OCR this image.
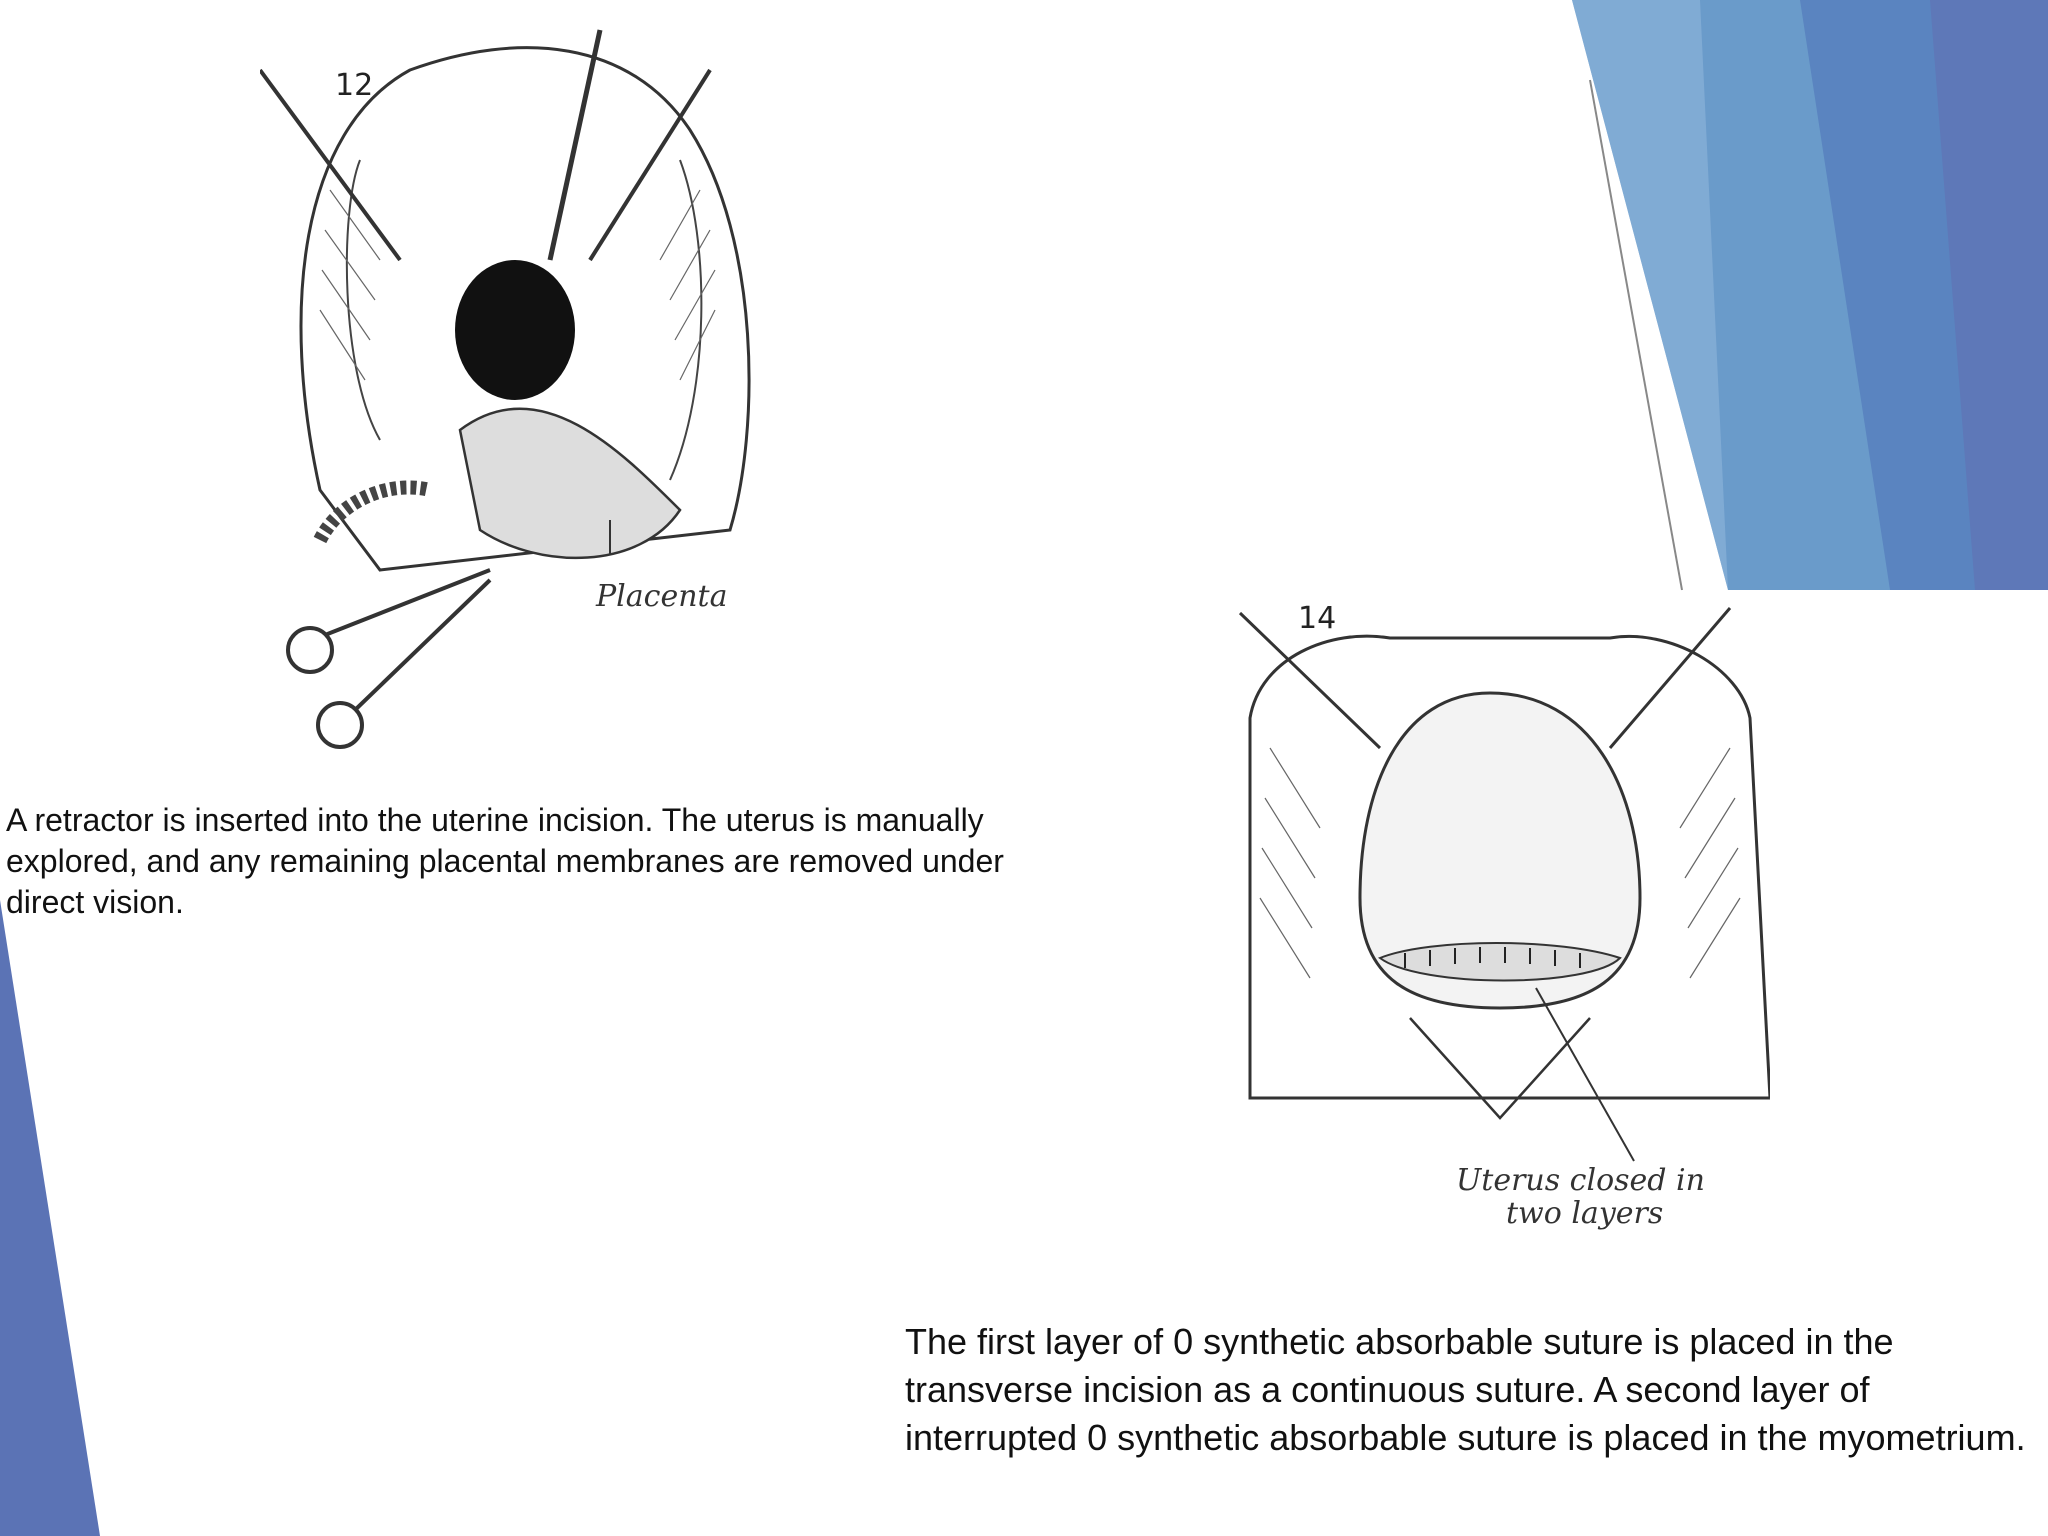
12
Placenta

A retractor is inserted into the uterine incision. The uterus is manually explored, and any remaining placental membranes are removed under direct vision.

14
Uterus closed in
two layers

The first layer of 0 synthetic absorbable suture is placed in the transverse incision as a continuous suture. A second layer of interrupted 0 synthetic absorbable suture is placed in the myometrium.
